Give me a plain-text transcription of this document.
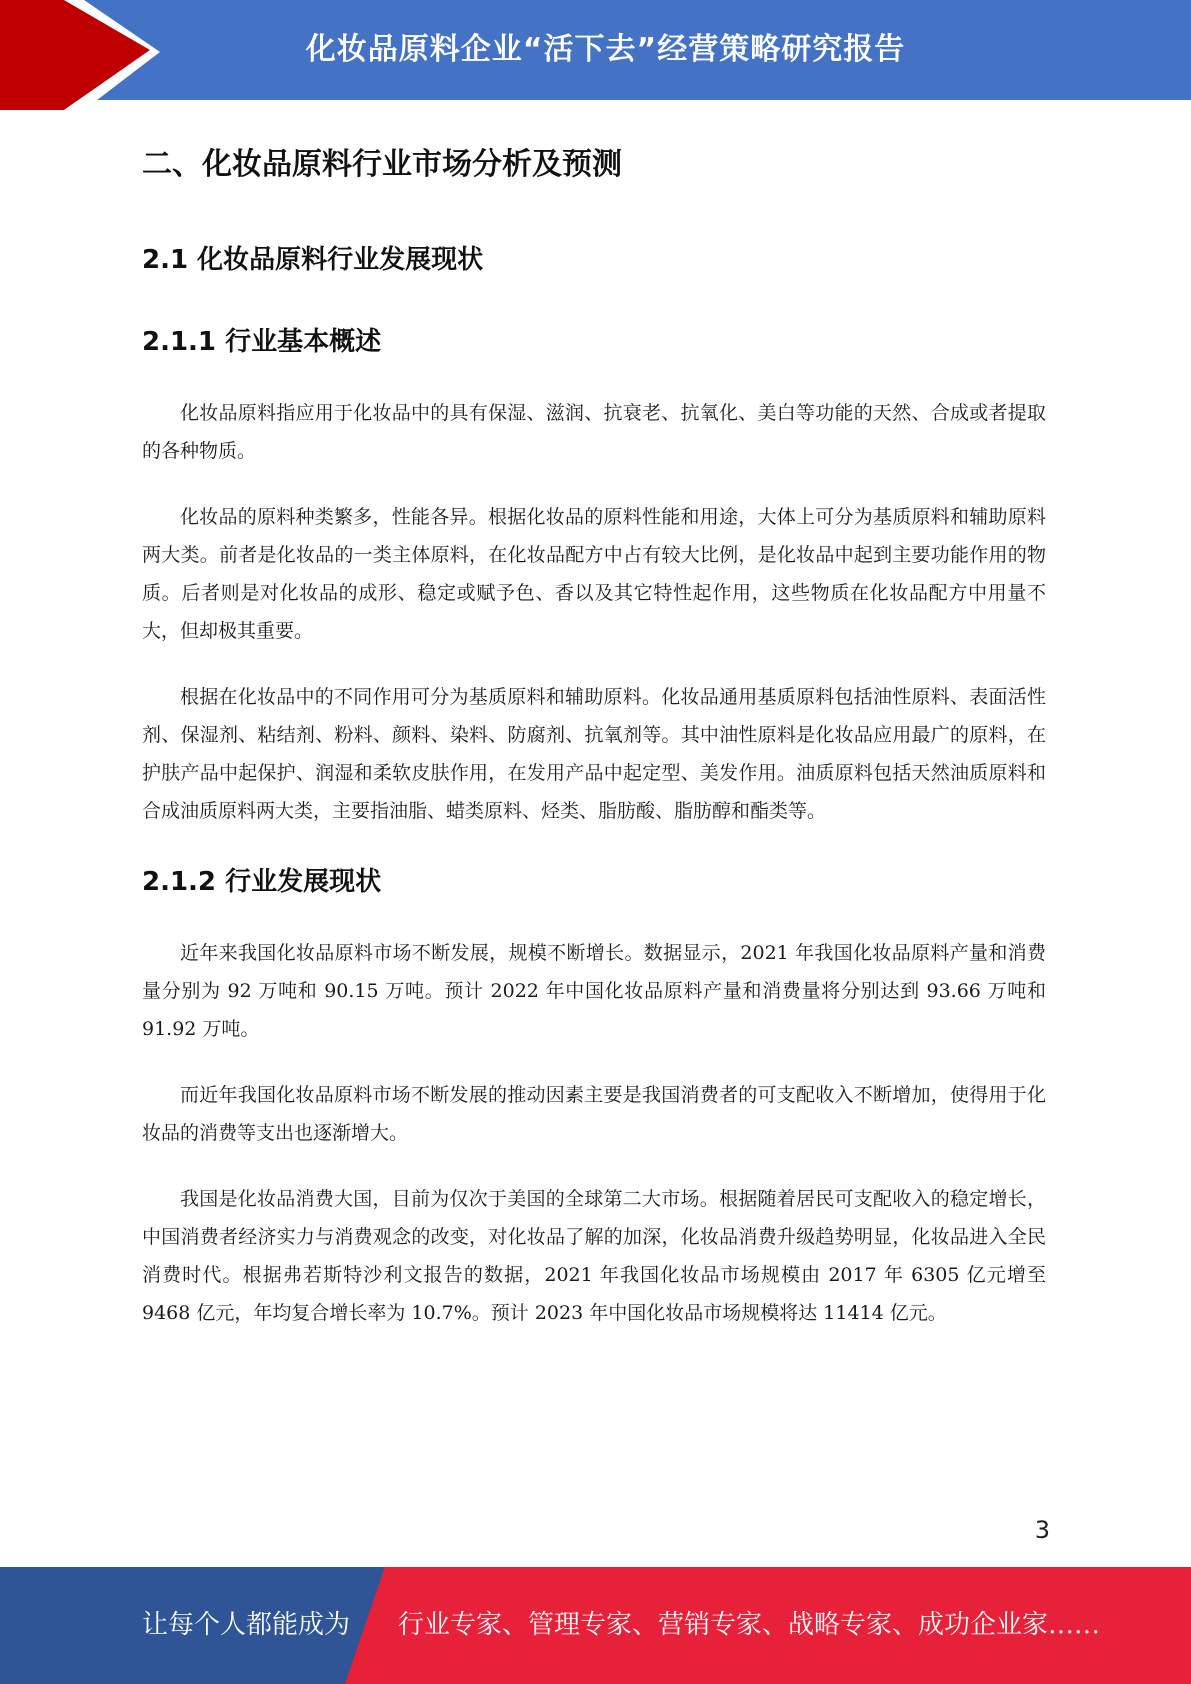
化妆品原料企业“活下去”经营策略研究报告
二、化妆品原料行业市场分析及预测
2.1 化妆品原料行业发展现状
2.1.1 行业基本概述

化妆品原料指应用于化妆品中的具有保湿、滋润、抗衰老、抗氧化、美白等功能的天然、合成或者提取的各种物质。

化妆品的原料种类繁多，性能各异。根据化妆品的原料性能和用途，大体上可分为基质原料和辅助原料两大类。前者是化妆品的一类主体原料，在化妆品配方中占有较大比例，是化妆品中起到主要功能作用的物质。后者则是对化妆品的成形、稳定或赋予色、香以及其它特性起作用，这些物质在化妆品配方中用量不大，但却极其重要。

根据在化妆品中的不同作用可分为基质原料和辅助原料。化妆品通用基质原料包括油性原料、表面活性剂、保湿剂、粘结剂、粉料、颜料、染料、防腐剂、抗氧剂等。其中油性原料是化妆品应用最广的原料，在护肤产品中起保护、润湿和柔软皮肤作用，在发用产品中起定型、美发作用。油质原料包括天然油质原料和合成油质原料两大类，主要指油脂、蜡类原料、烃类、脂肪酸、脂肪醇和酯类等。

2.1.2 行业发展现状

近年来我国化妆品原料市场不断发展，规模不断增长。数据显示，2021 年我国化妆品原料产量和消费量分别为 92 万吨和 90.15 万吨。预计 2022 年中国化妆品原料产量和消费量将分别达到 93.66 万吨和 91.92 万吨。

而近年我国化妆品原料市场不断发展的推动因素主要是我国消费者的可支配收入不断增加，使得用于化妆品的消费等支出也逐渐增大。

我国是化妆品消费大国，目前为仅次于美国的全球第二大市场。根据随着居民可支配收入的稳定增长，中国消费者经济实力与消费观念的改变，对化妆品了解的加深，化妆品消费升级趋势明显，化妆品进入全民消费时代。根据弗若斯特沙利文报告的数据，2021 年我国化妆品市场规模由 2017 年 6305 亿元增至 9468 亿元，年均复合增长率为 10.7%。预计 2023 年中国化妆品市场规模将达 11414 亿元。

3
让每个人都能成为 行业专家、管理专家、营销专家、战略专家、成功企业家……
